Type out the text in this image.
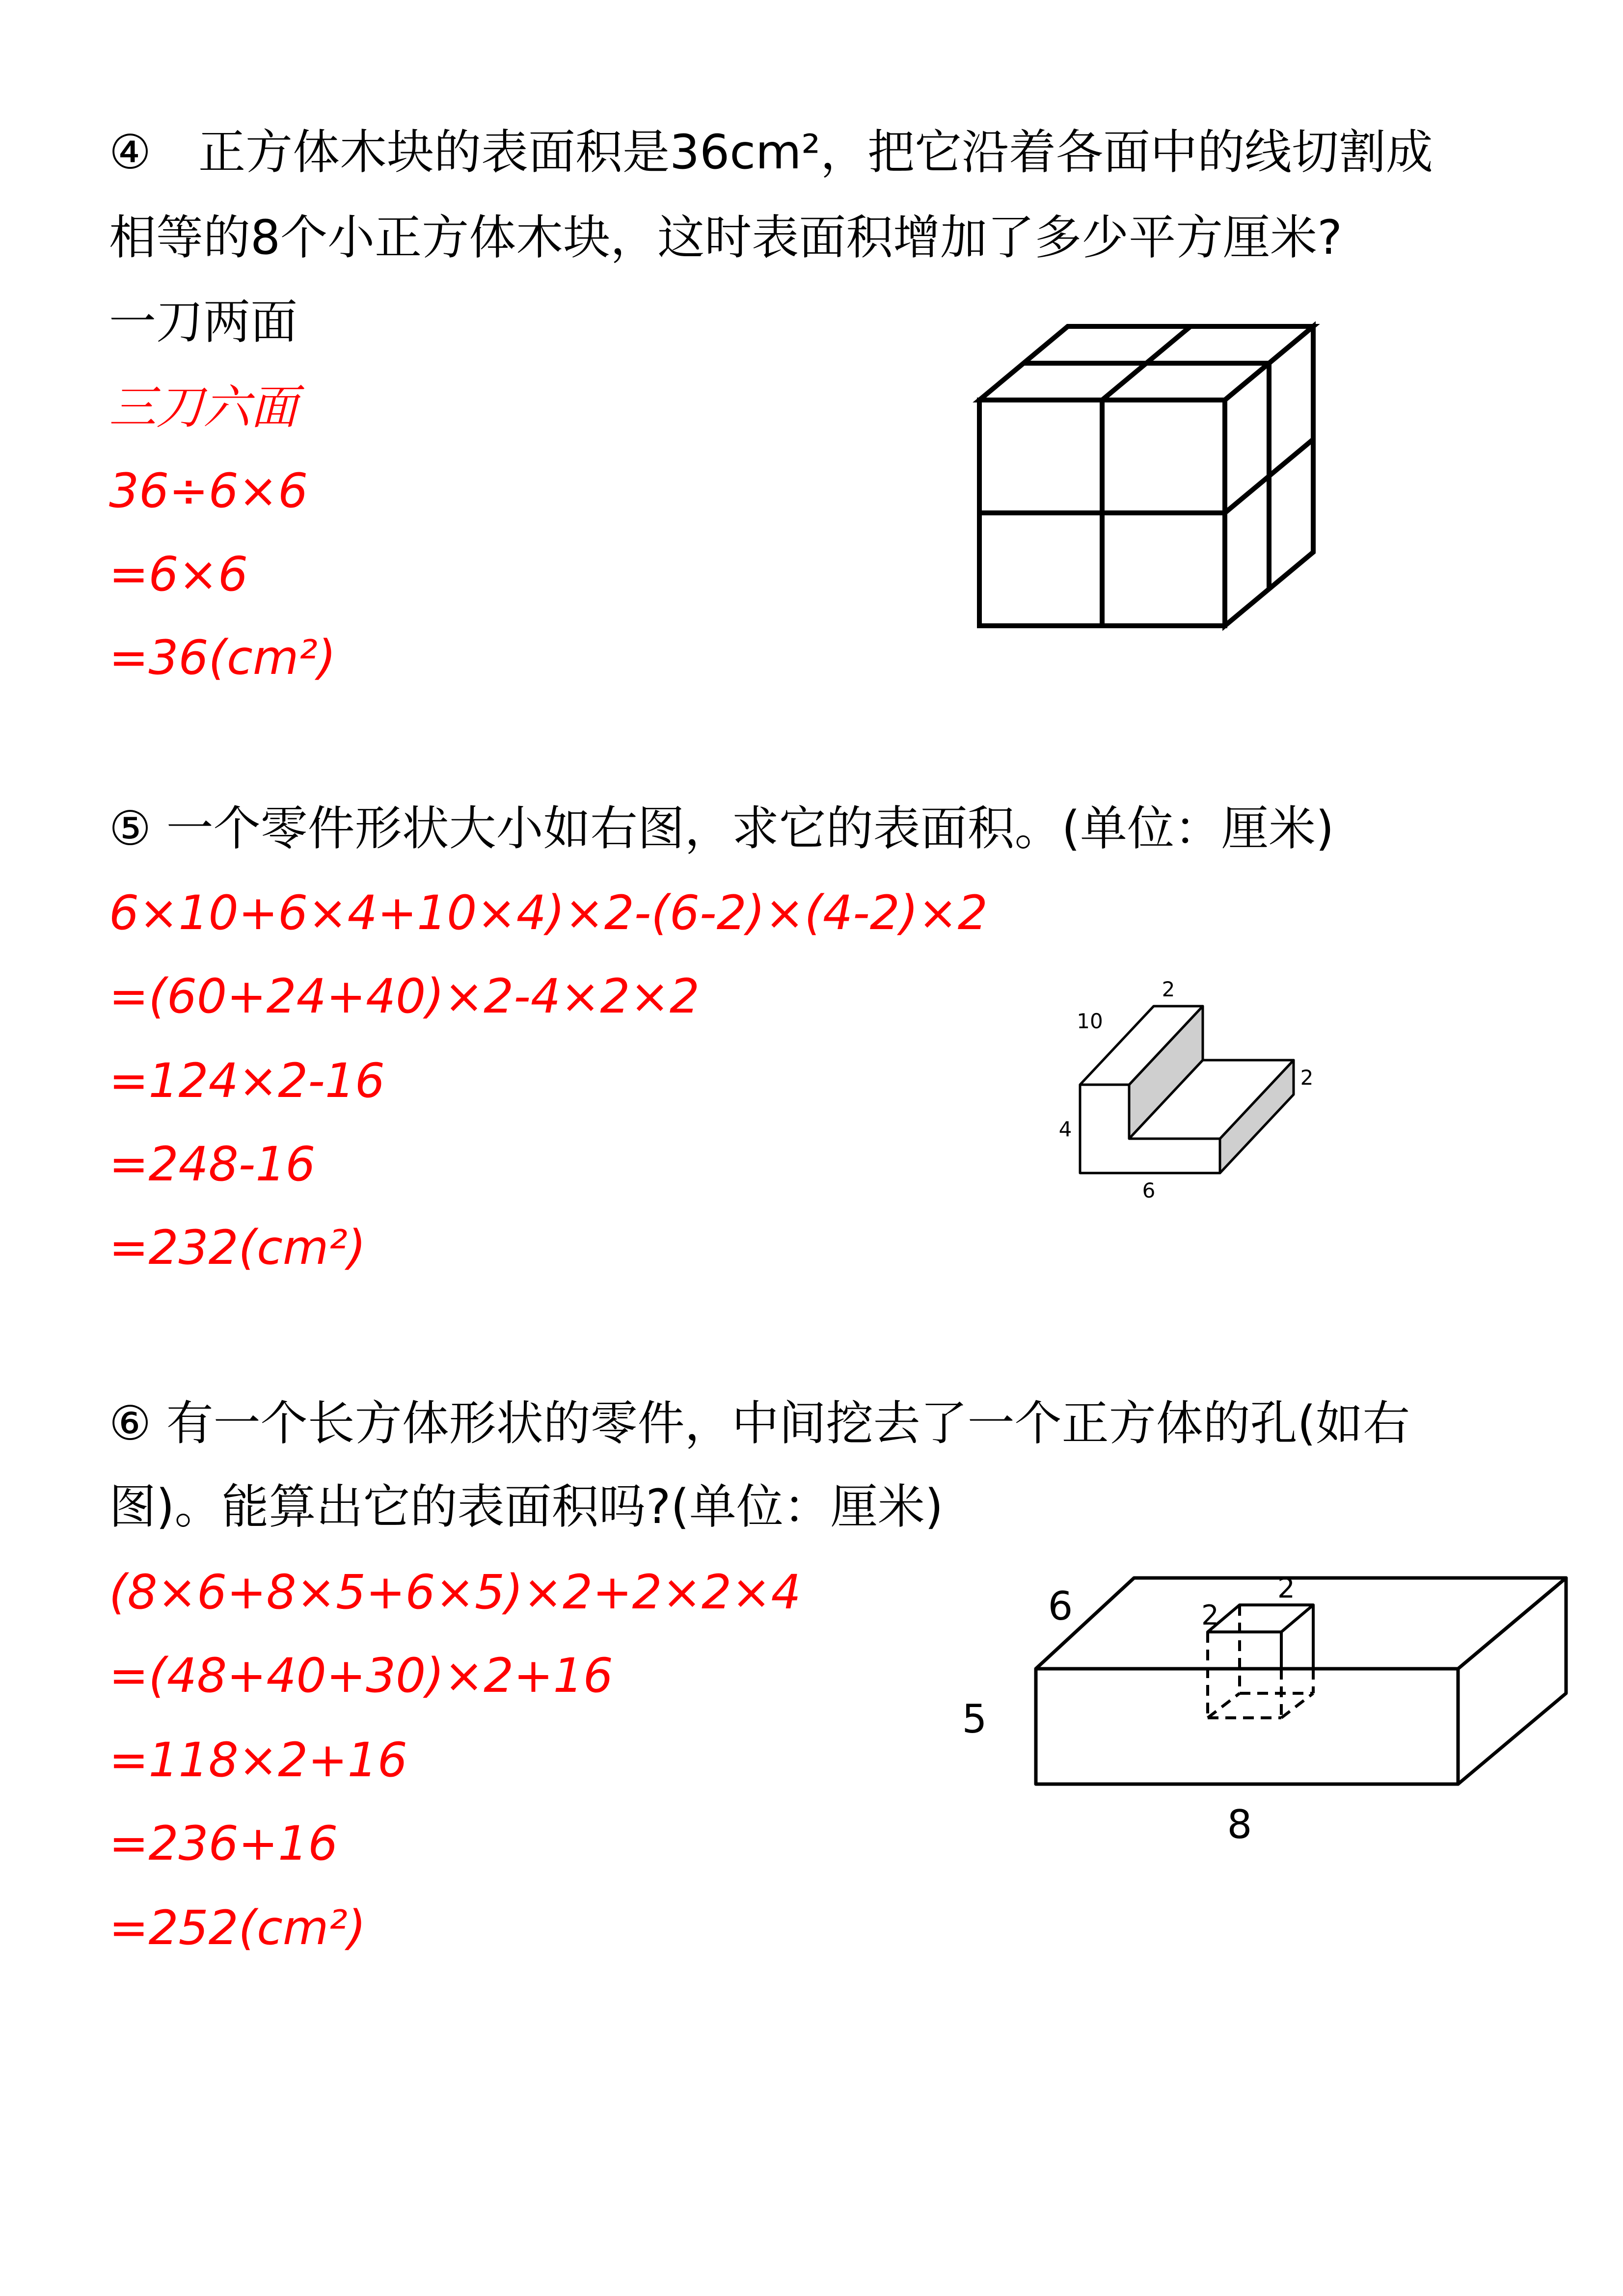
④　正方体木块的表面积是36cm²，把它沿着各面中的线切割成
相等的8个小正方体木块，这时表面积增加了多少平方厘米?
一刀两面
三刀六面
36÷6×6
=6×6
=36(cm²)
⑤ 一个零件形状大小如右图，求它的表面积。(单位：厘米)
6×10+6×4+10×4)×2-(6-2)×(4-2)×2
=(60+24+40)×2-4×2×2
=124×2-16
=248-16
=232(cm²)
2
10
2
4
6
⑥ 有一个长方体形状的零件，中间挖去了一个正方体的孔(如右
图)。能算出它的表面积吗?(单位：厘米)
(8×6+8×5+6×5)×2+2×2×4
=(48+40+30)×2+16
=118×2+16
=236+16
=252(cm²)
6
5
8
2
2
